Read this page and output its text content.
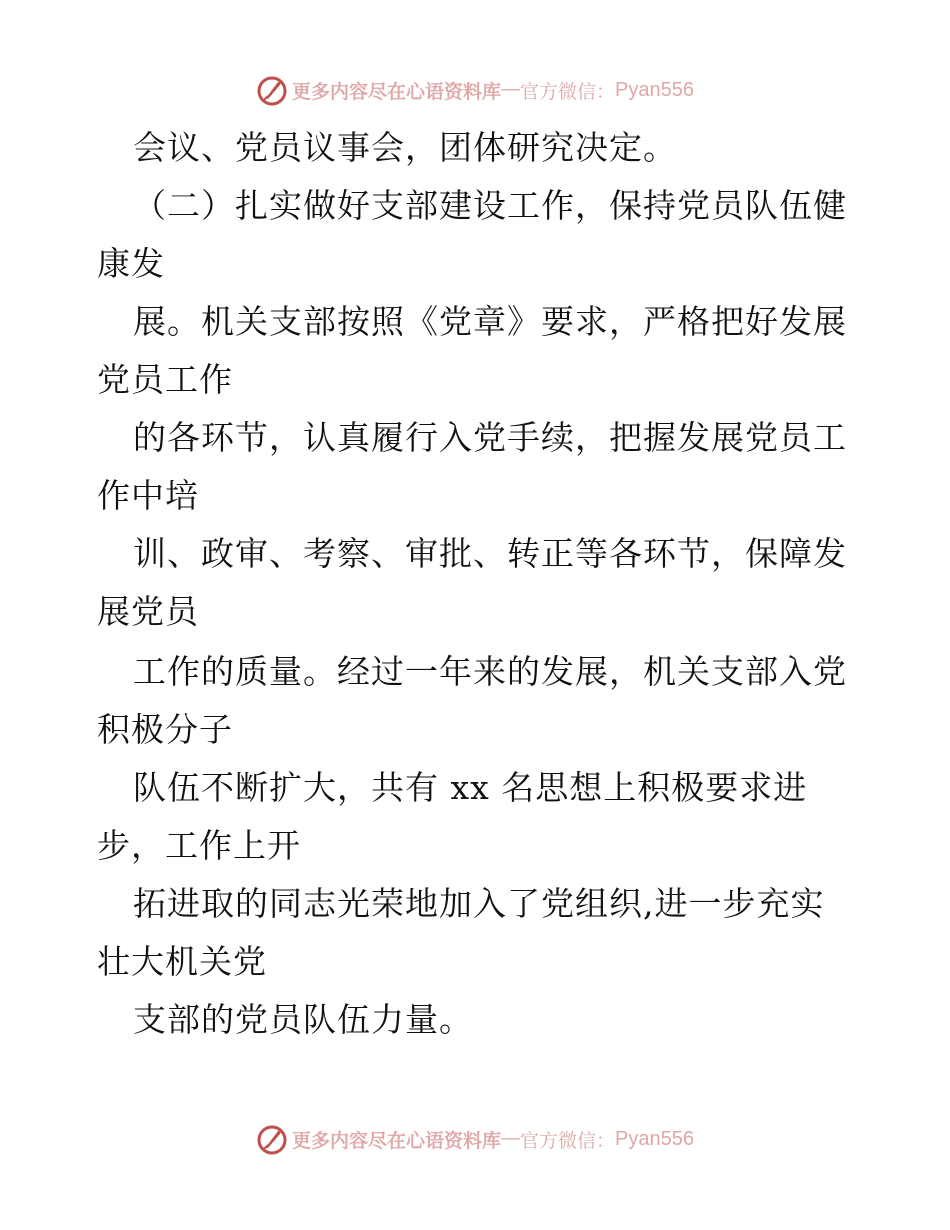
更多内容尽在心语资料库 — 官方微信： Pyan556
会议、党员议事会，团体研究决定。
（二）扎实做好支部建设工作，保持党员队伍健
康发
展。机关支部按照《党章》要求，严格把好发展
党员工作
的各环节，认真履行入党手续，把握发展党员工
作中培
训、政审、考察、审批、转正等各环节，保障发
展党员
工作的质量。经过一年来的发展，机关支部入党
积极分子
队伍不断扩大，共有 xx 名思想上积极要求进
步，工作上开
拓进取的同志光荣地加入了党组织,进一步充实
壮大机关党
支部的党员队伍力量。
更多内容尽在心语资料库 — 官方微信： Pyan556
